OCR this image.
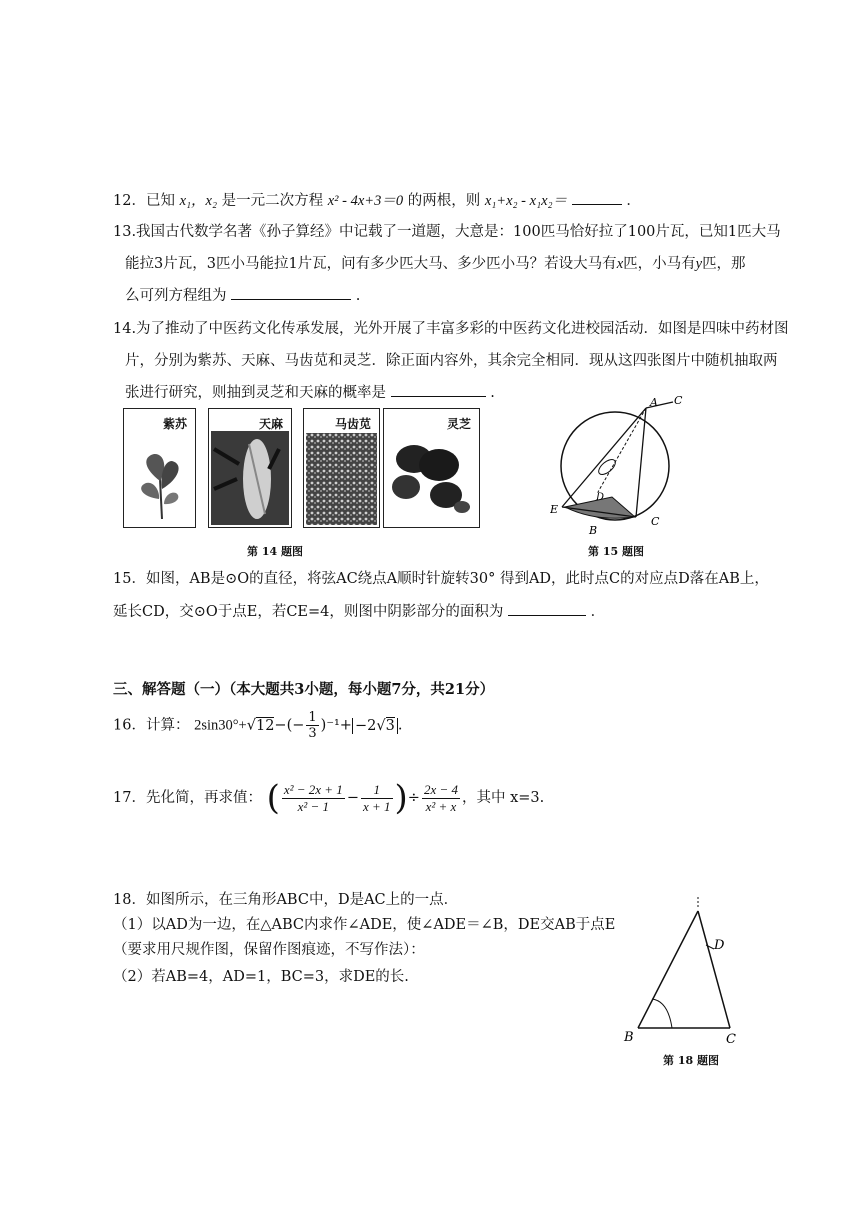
12．已知 x₁，x₂ 是一元二次方程 x² - 4x+3＝0 的两根，则 x₁+x₂ - x₁x₂＝	．
13.我国古代数学名著《孙子算经》中记载了一道题，大意是：100匹马恰好拉了100片瓦，已知1匹大马
能拉3片瓦，3匹小马能拉1片瓦，问有多少匹大马、多少匹小马？若设大马有x匹，小马有y匹，那
么可列方程组为	.
14.为了推动了中医药文化传承发展，光外开展了丰富多彩的中医药文化进校园活动．如图是四味中药材图
片，分别为紫苏、天麻、马齿苋和灵芝．除正面内容外，其余完全相同．现从这四张图片中随机抽取两
张进行研究，则抽到灵芝和天麻的概率是	.
紫苏	天麻	马齿苋	灵芝
第 14 题图
A C
E
B
C
D
第 15 题图
15．如图，AB是⊙O的直径，将弦AC绕点A顺时针旋转30° 得到AD，此时点C的对应点D落在AB上，
延长CD，交⊙O于点E，若CE=4，则图中阴影部分的面积为	．
三、解答题（一）（本大题共3小题，每小题7分，共21分）
16．计算： $2\sin 30^\circ+√12-(- \frac{1}{3} )^{-1}+ -2√3$ .
17．先化简，再求值： ( $\frac{\text{x² − 2x + 1}}{\text{x² − 1}} - \frac{1}{x + 1}$ )÷ $\frac{2x - 4}{\text{x² + x}}$ ，其中 x=3.
18．如图所示，在三角形ABC中，D是AC上的一点．
（1）以AD为一边，在△ABC内求作∠ADE，使∠ADE＝∠B，DE交AB于点E
（要求用尺规作图，保留作图痕迹，不写作法）：
（2）若AB=4，AD=1，BC=3，求DE的长.
D
B	C
第 18 题图
